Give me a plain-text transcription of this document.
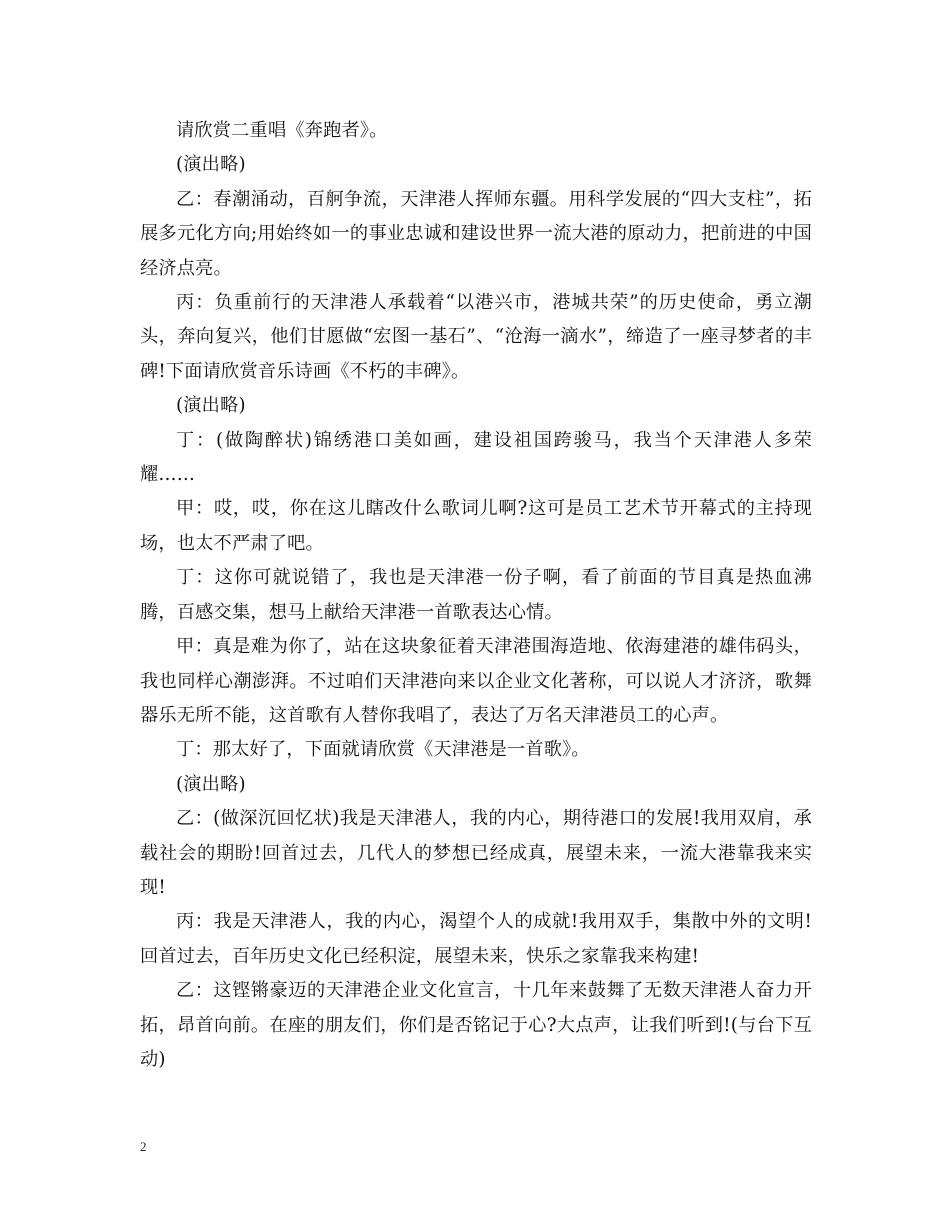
请欣赏二重唱《奔跑者》。

(演出略)

乙：春潮涌动，百舸争流，天津港人挥师东疆。用科学发展的“四大支柱”，拓展多元化方向;用始终如一的事业忠诚和建设世界一流大港的原动力，把前进的中国经济点亮。

丙：负重前行的天津港人承载着“以港兴市，港城共荣”的历史使命，勇立潮头，奔向复兴，他们甘愿做“宏图一基石”、“沧海一滴水”，缔造了一座寻梦者的丰碑!下面请欣赏音乐诗画《不朽的丰碑》。

(演出略)

丁：(做陶醉状)锦绣港口美如画，建设祖国跨骏马，我当个天津港人多荣耀……

甲：哎，哎，你在这儿瞎改什么歌词儿啊?这可是员工艺术节开幕式的主持现场，也太不严肃了吧。

丁：这你可就说错了，我也是天津港一份子啊，看了前面的节目真是热血沸腾，百感交集，想马上献给天津港一首歌表达心情。

甲：真是难为你了，站在这块象征着天津港围海造地、依海建港的雄伟码头，我也同样心潮澎湃。不过咱们天津港向来以企业文化著称，可以说人才济济，歌舞器乐无所不能，这首歌有人替你我唱了，表达了万名天津港员工的心声。

丁：那太好了，下面就请欣赏《天津港是一首歌》。

(演出略)

乙：(做深沉回忆状)我是天津港人，我的内心，期待港口的发展!我用双肩，承载社会的期盼!回首过去，几代人的梦想已经成真，展望未来，一流大港靠我来实现!

丙：我是天津港人，我的内心，渴望个人的成就!我用双手，集散中外的文明!回首过去，百年历史文化已经积淀，展望未来，快乐之家靠我来构建!

乙：这铿锵豪迈的天津港企业文化宣言，十几年来鼓舞了无数天津港人奋力开拓，昂首向前。在座的朋友们，你们是否铭记于心?大点声，让我们听到!(与台下互动)

2
